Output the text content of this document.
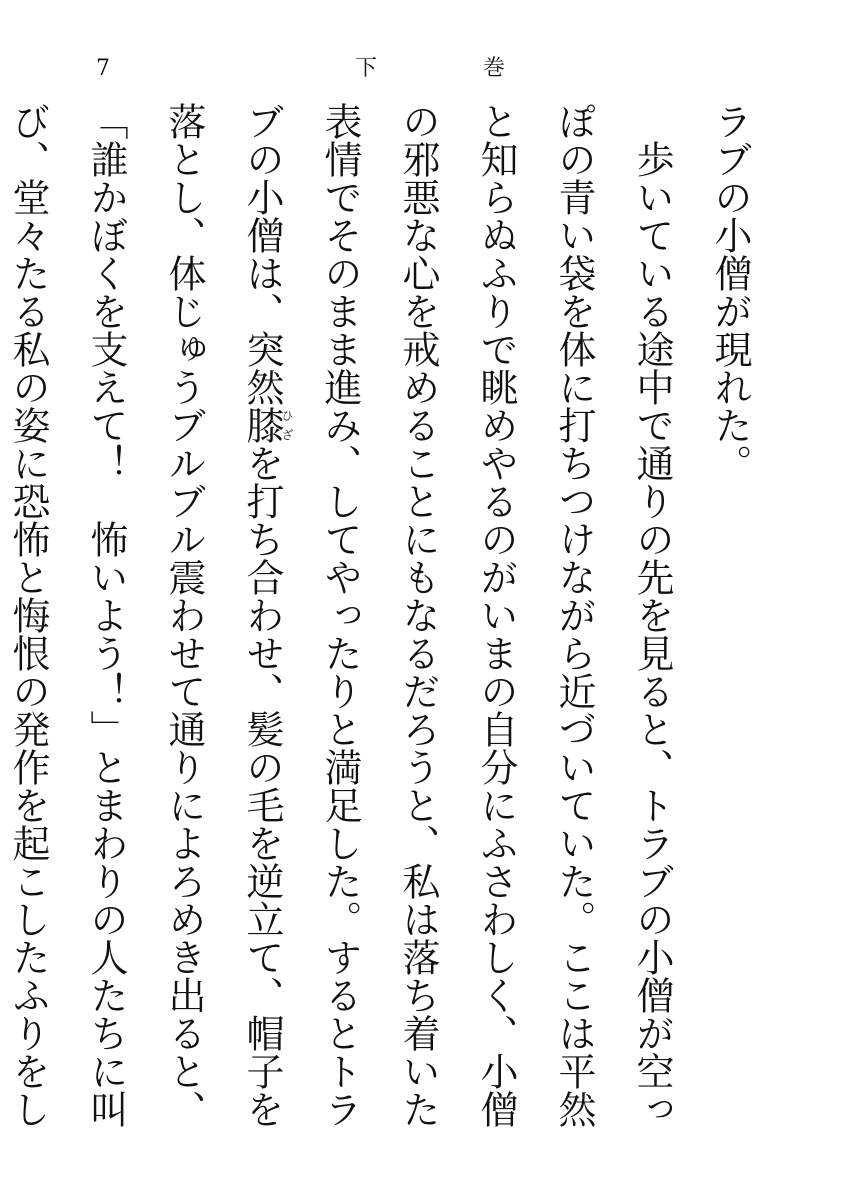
7	下	巻

ラブの小僧が現れた。

歩いている途中で通りの先を見ると、トラブの小僧が空っぽの青い袋を体に打ちつけながら近づいていた。ここは平然と知らぬふりで眺めやるのがいまの自分にふさわしく、小僧の邪悪な心を戒めることにもなるだろうと、私は落ち着いた表情でそのまま進み、してやったりと満足した。するとトラブの小僧は、突然膝ひざを打ち合わせ、髪の毛を逆立て、帽子を落とし、体じゅうブルブル震わせて通りによろめき出ると、「誰かぼくを支えて！　怖いよう！」とまわりの人たちに叫び、堂々たる私の姿に恐怖と悔恨の発作を起こしたふりをし
